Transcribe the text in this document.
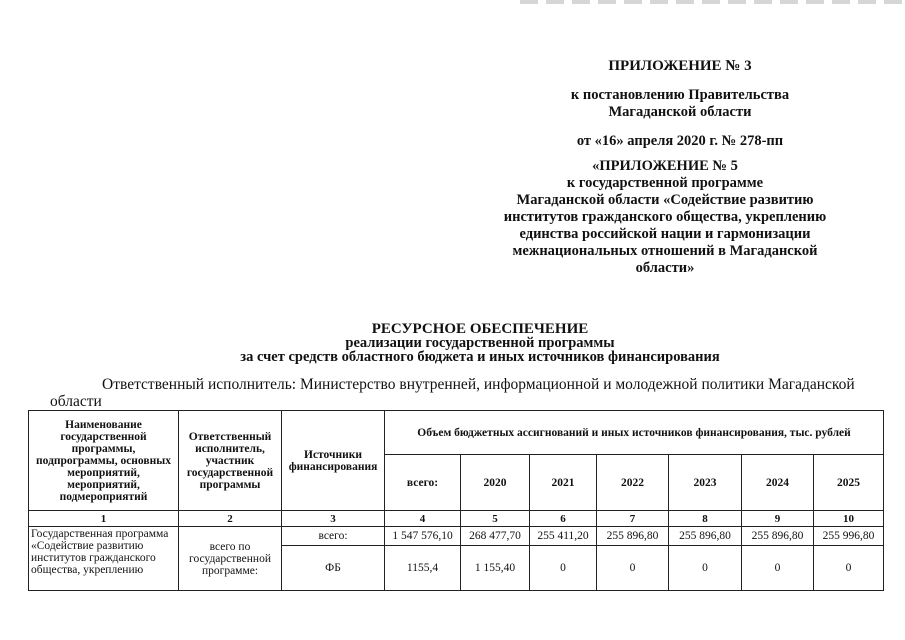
ПРИЛОЖЕНИЕ № 3
к постановлению Правительства
Магаданской области
от «16» апреля 2020 г. № 278-пп
«ПРИЛОЖЕНИЕ № 5
к государственной программе
Магаданской области «Содействие развитию
институтов гражданского общества, укреплению
единства российской нации и гармонизации
межнациональных отношений в Магаданской
области»
РЕСУРСНОЕ ОБЕСПЕЧЕНИЕ
реализации государственной программы
за счет средств областного бюджета и иных источников финансирования
Ответственный исполнитель: Министерство внутренней, информационной и молодежной политики Магаданской области
Наименование государственной программы, подпрограммы, основных мероприятий, мероприятий, подмероприятий	Ответственный исполнитель, участник государственной программы	Источники финансирования	Объем бюджетных ассигнований и иных источников финансирования, тыс. рублей						
			всего:	2020	2021	2022	2023	2024	2025
1	2	3	4	5	6	7	8	9	10
Государственная программа «Содействие развитию институтов гражданского общества, укреплению	всего по государственной программе:	всего:	1 547 576,10	268 477,70	255 411,20	255 896,80	255 896,80	255 896,80	255 996,80
		ФБ	1155,4	1 155,40	0	0	0	0	0
